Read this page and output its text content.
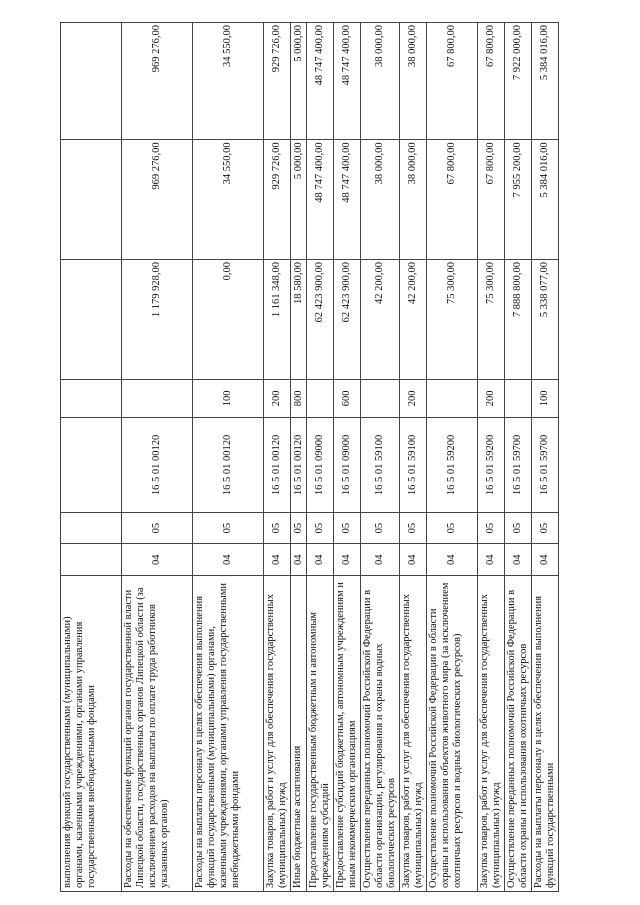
выполнения функций государственными (муниципальными) органами, казенными учреждениями, органами управления государственными внебюджетными фондами							
Расходы на обеспечение функций органов государственной власти Липецкой области, государственных органов Липецкой области (за исключением расходов на выплаты по оплате труда работников указанных органов)	04	05	16 5 01 00120		1 179 928,00	969 276,00	969 276,00
Расходы на выплаты персоналу в целях обеспечения выполнения функций государственными (муниципальными) органами, казенными учреждениями, органами управления государственными внебюджетными фондами	04	05	16 5 01 00120	100	0,00	34 550,00	34 550,00
Закупка товаров, работ и услуг для обеспечения государственных (муниципальных) нужд	04	05	16 5 01 00120	200	1 161 348,00	929 726,00	929 726,00
Иные бюджетные ассигнования	04	05	16 5 01 00120	800	18 580,00	5 000,00	5 000,00
Предоставление государственным бюджетным и автономным учреждениям субсидий	04	05	16 5 01 09000		62 423 900,00	48 747 400,00	48 747 400,00
Предоставление субсидий бюджетным, автономным учреждениям и иным некоммерческим организациям	04	05	16 5 01 09000	600	62 423 900,00	48 747 400,00	48 747 400,00
Осуществление переданных полномочий Российской Федерации в области организации, регулирования и охраны водных биологических ресурсов	04	05	16 5 01 59100		42 200,00	38 000,00	38 000,00
Закупка товаров, работ и услуг для обеспечения государственных (муниципальных) нужд	04	05	16 5 01 59100	200	42 200,00	38 000,00	38 000,00
Осуществление полномочий Российской Федерации в области охраны и использования объектов животного мира (за исключением охотничьих ресурсов и водных биологических ресурсов)	04	05	16 5 01 59200		75 300,00	67 800,00	67 800,00
Закупка товаров, работ и услуг для обеспечения государственных (муниципальных) нужд	04	05	16 5 01 59200	200	75 300,00	67 800,00	67 800,00
Осуществление переданных полномочий Российской Федерации в области охраны и использования охотничьих ресурсов	04	05	16 5 01 59700		7 888 800,00	7 955 200,00	7 922 000,00
Расходы на выплаты персоналу в целях обеспечения выполнения функций государственными	04	05	16 5 01 59700	100	5 338 077,00	5 384 016,00	5 384 016,00
